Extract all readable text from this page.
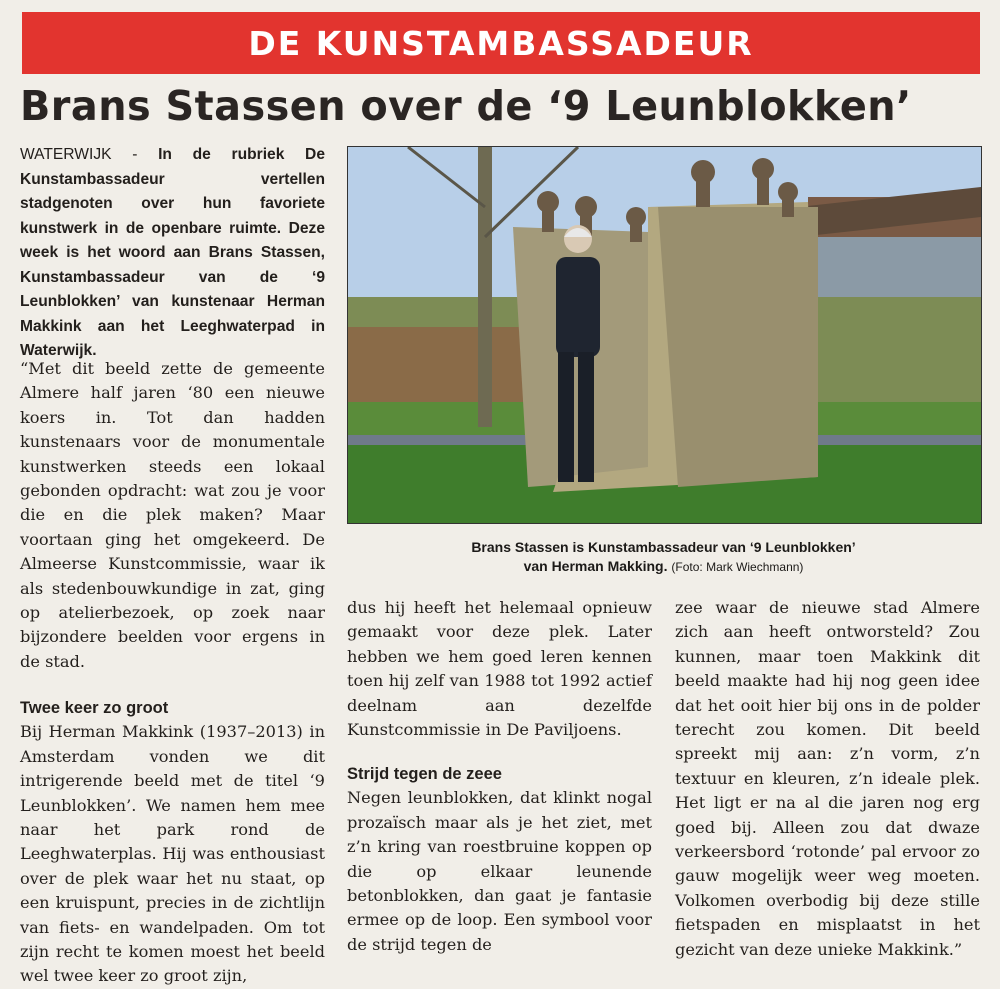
DE KUNSTAMBASSADEUR
Brans Stassen over de ‘9 Leunblokken’
WATERWIJK - In de rubriek De Kunstambassadeur vertellen stadgenoten over hun favoriete kunstwerk in de openbare ruimte. Deze week is het woord aan Brans Stassen, Kunstambassadeur van de ‘9 Leunblokken’ van kunstenaar Herman Makkink aan het Leeghwaterpad in Waterwijk.
Brans Stassen is Kunstambassadeur van ‘9 Leunblokken’
van Herman Makking. (Foto: Mark Wiechmann)

“Met dit beeld zette de gemeente Almere half jaren ‘80 een nieuwe koers in. Tot dan hadden kunstenaars voor de monumentale kunstwerken steeds een lokaal gebonden opdracht: wat zou je voor die en die plek maken? Maar voortaan ging het omgekeerd. De Almeerse Kunstcommissie, waar ik als stedenbouwkundige in zat, ging op atelierbezoek, op zoek naar bijzondere beelden voor ergens in de stad.

Twee keer zo groot

Bij Herman Makkink (1937–2013) in Amsterdam vonden we dit intrigerende beeld met de titel ‘9 Leunblokken’. We namen hem mee naar het park rond de Leeghwaterplas. Hij was enthousiast over de plek waar het nu staat, op een kruispunt, precies in de zichtlijn van fiets- en wandelpaden. Om tot zijn recht te komen moest het beeld wel twee keer zo groot zijn,

dus hij heeft het helemaal opnieuw gemaakt voor deze plek. Later hebben we hem goed leren kennen toen hij zelf van 1988 tot 1992 actief deelnam aan dezelfde Kunstcommissie in De Paviljoens.

Strijd tegen de zeee

Negen leunblokken, dat klinkt nogal prozaïsch maar als je het ziet, met z’n kring van roestbruine koppen op die op elkaar leunende betonblokken, dan gaat je fantasie ermee op de loop. Een symbool voor de strijd tegen de

zee waar de nieuwe stad Almere zich aan heeft ontworsteld? Zou kunnen, maar toen Makkink dit beeld maakte had hij nog geen idee dat het ooit hier bij ons in de polder terecht zou komen. Dit beeld spreekt mij aan: z’n vorm, z’n textuur en kleuren, z’n ideale plek. Het ligt er na al die jaren nog erg goed bij. Alleen zou dat dwaze verkeersbord ‘rotonde’ pal ervoor zo gauw mogelijk weer weg moeten. Volkomen overbodig bij deze stille fietspaden en misplaatst in het gezicht van deze unieke Makkink.”
